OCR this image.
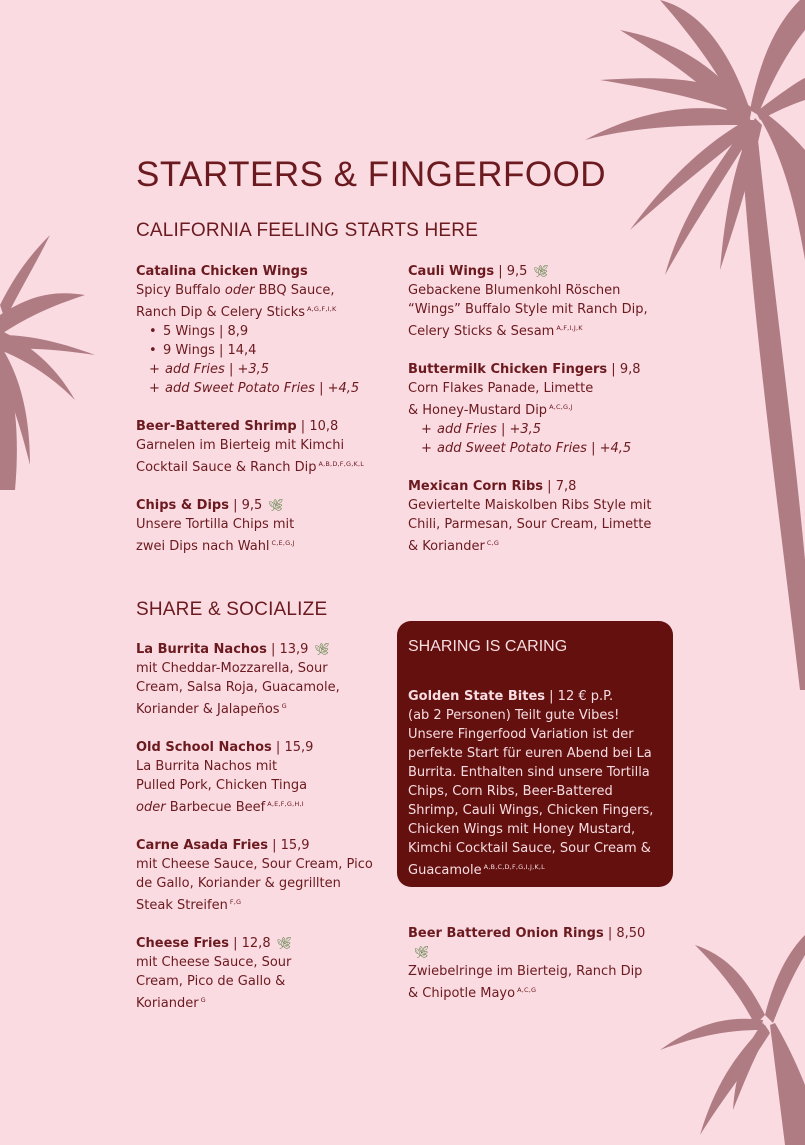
STARTERS & FINGERFOOD
CALIFORNIA FEELING STARTS HERE
Catalina Chicken Wings
Spicy Buffalo oder BBQ Sauce,
Ranch Dip & Celery Sticks $^{A,G,F,I,K}$
• 5 Wings | 8,9
• 9 Wings | 14,4
+ add Fries | +3,5
+ add Sweet Potato Fries | +4,5
Beer-Battered Shrimp | 10,8
Garnelen im Bierteig mit Kimchi Cocktail Sauce & Ranch Dip $^{A,B,D,F,G,K,L}$
Chips & Dips | 9,5 🌿︎
Unsere Tortilla Chips mit zwei Dips nach Wahl $^{C,E,G,J}$
Cauli Wings | 9,5 🌿︎
Gebackene Blumenkohl Röschen “Wings” Buffalo Style mit Ranch Dip, Celery Sticks & Sesam $^{A,F,I,J,K}$
Buttermilk Chicken Fingers | 9,8
Corn Flakes Panade, Limette & Honey-Mustard Dip $^{A,C,G,J}$
+ add Fries | +3,5
+ add Sweet Potato Fries | +4,5
Mexican Corn Ribs | 7,8
Geviertelte Maiskolben Ribs Style mit Chili, Parmesan, Sour Cream, Limette & Koriander $^{C,G}$
SHARE & SOCIALIZE
La Burrita Nachos | 13,9 🌿︎
mit Cheddar-Mozzarella, Sour Cream, Salsa Roja, Guacamole, Koriander & Jalapeños $^G$
Old School Nachos | 15,9
La Burrita Nachos mit Pulled Pork, Chicken Tinga oder Barbecue Beef $^{A,E,F,G,H,I}$
Carne Asada Fries | 15,9
mit Cheese Sauce, Sour Cream, Pico de Gallo, Koriander & gegrillten Steak Streifen $^{F,G}$
Cheese Fries | 12,8 🌿︎
mit Cheese Sauce, Sour Cream, Pico de Gallo & Koriander $^G$
SHARING IS CARING
Golden State Bites | 12 € p.P.
(ab 2 Personen) Teilt gute Vibes! Unsere Fingerfood Variation ist der perfekte Start für euren Abend bei La Burrita. Enthalten sind unsere Tortilla Chips, Corn Ribs, Beer-Battered Shrimp, Cauli Wings, Chicken Fingers, Chicken Wings mit Honey Mustard, Kimchi Cocktail Sauce, Sour Cream & Guacamole $^{A,B,C,D,F,G,I,J,K,L}$
Beer Battered Onion Rings | 8,50🌿︎
Zwiebelringe im Bierteig, Ranch Dip & Chipotle Mayo $^{A,C,G}$
